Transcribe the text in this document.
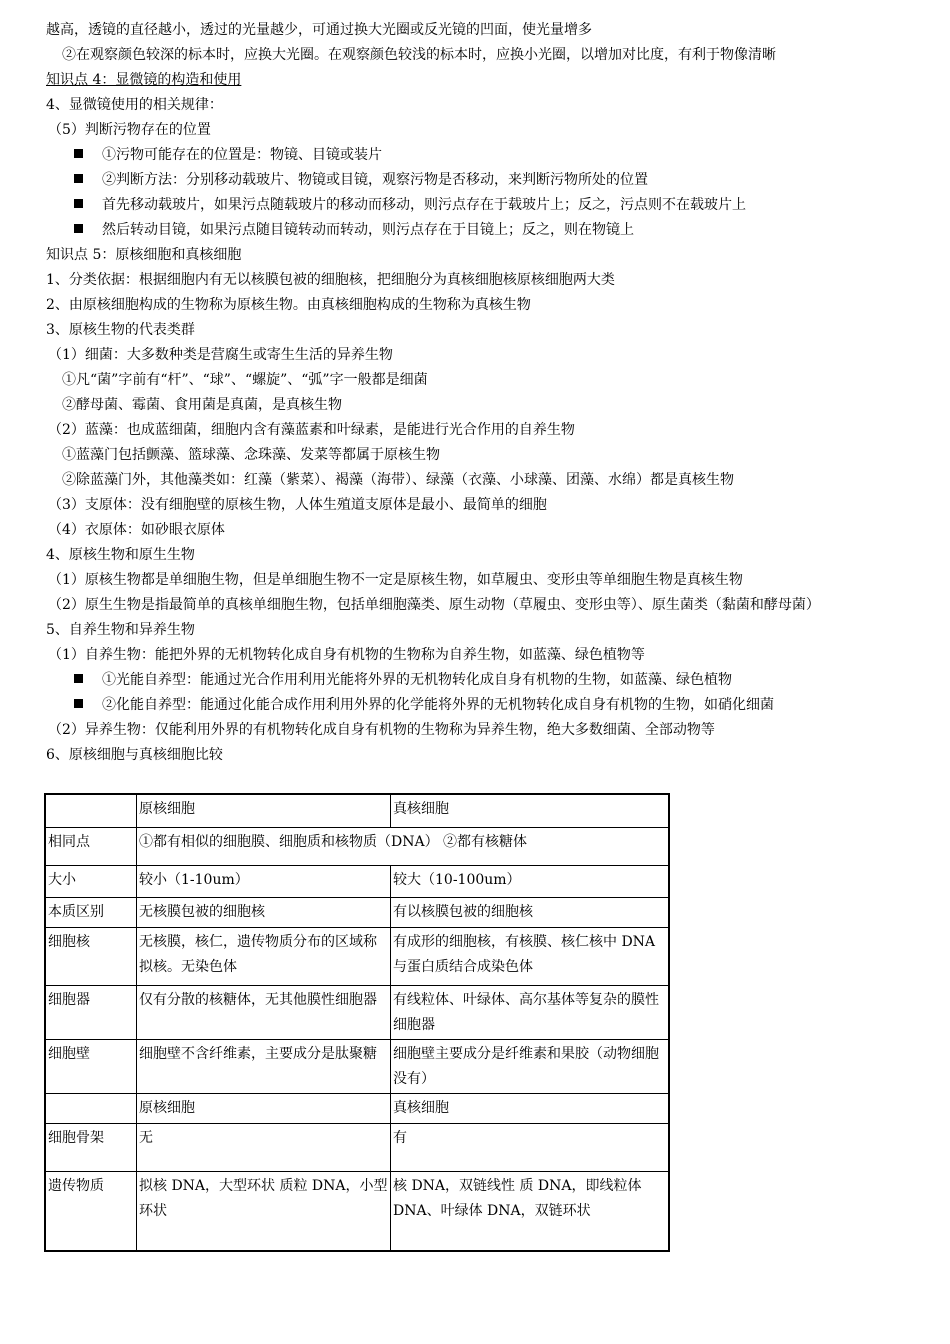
越高，透镜的直径越小，透过的光量越少，可通过换大光圈或反光镜的凹面，使光量增多
②在观察颜色较深的标本时，应换大光圈。在观察颜色较浅的标本时，应换小光圈，以增加对比度，有利于物像清晰
知识点 4：显微镜的构造和使用
4、显微镜使用的相关规律：
（5）判断污物存在的位置
①污物可能存在的位置是：物镜、目镜或装片
②判断方法：分别移动载玻片、物镜或目镜，观察污物是否移动，来判断污物所处的位置
首先移动载玻片，如果污点随载玻片的移动而移动，则污点存在于载玻片上；反之，污点则不在载玻片上
然后转动目镜，如果污点随目镜转动而转动，则污点存在于目镜上；反之，则在物镜上
知识点 5：原核细胞和真核细胞
1、分类依据：根据细胞内有无以核膜包被的细胞核，把细胞分为真核细胞核原核细胞两大类
2、由原核细胞构成的生物称为原核生物。由真核细胞构成的生物称为真核生物
3、原核生物的代表类群
（1）细菌：大多数种类是营腐生或寄生生活的异养生物
①凡“菌”字前有“杆”、“球”、“螺旋”、“弧”字一般都是细菌
②酵母菌、霉菌、食用菌是真菌，是真核生物
（2）蓝藻：也成蓝细菌，细胞内含有藻蓝素和叶绿素，是能进行光合作用的自养生物
①蓝藻门包括颤藻、篮球藻、念珠藻、发菜等都属于原核生物
②除蓝藻门外，其他藻类如：红藻（紫菜）、褐藻（海带）、绿藻（衣藻、小球藻、团藻、水绵）都是真核生物
（3）支原体：没有细胞壁的原核生物，人体生殖道支原体是最小、最简单的细胞
（4）衣原体：如砂眼衣原体
4、原核生物和原生生物
（1）原核生物都是单细胞生物，但是单细胞生物不一定是原核生物，如草履虫、变形虫等单细胞生物是真核生物
（2）原生生物是指最简单的真核单细胞生物，包括单细胞藻类、原生动物（草履虫、变形虫等）、原生菌类（黏菌和酵母菌）
5、自养生物和异养生物
（1）自养生物：能把外界的无机物转化成自身有机物的生物称为自养生物，如蓝藻、绿色植物等
①光能自养型：能通过光合作用利用光能将外界的无机物转化成自身有机物的生物，如蓝藻、绿色植物
②化能自养型：能通过化能合成作用利用外界的化学能将外界的无机物转化成自身有机物的生物，如硝化细菌
（2）异养生物：仅能利用外界的有机物转化成自身有机物的生物称为异养生物，绝大多数细菌、全部动物等
6、原核细胞与真核细胞比较
	原核细胞	真核细胞
相同点	①都有相似的细胞膜、细胞质和核物质（DNA） ②都有核糖体	
大小	较小（1-10um）	较大（10-100um）
本质区别	无核膜包被的细胞核	有以核膜包被的细胞核
细胞核	无核膜，核仁，遗传物质分布的区域称拟核。无染色体	有成形的细胞核，有核膜、核仁核中 DNA 与蛋白质结合成染色体
细胞器	仅有分散的核糖体，无其他膜性细胞器	有线粒体、叶绿体、高尔基体等复杂的膜性细胞器
细胞壁	细胞壁不含纤维素，主要成分是肽聚糖	细胞壁主要成分是纤维素和果胶（动物细胞没有）
	原核细胞	真核细胞
细胞骨架	无	有
遗传物质	拟核 DNA，大型环状 质粒 DNA，小型环状	核 DNA，双链线性 质 DNA，即线粒体 DNA、叶绿体 DNA，双链环状
